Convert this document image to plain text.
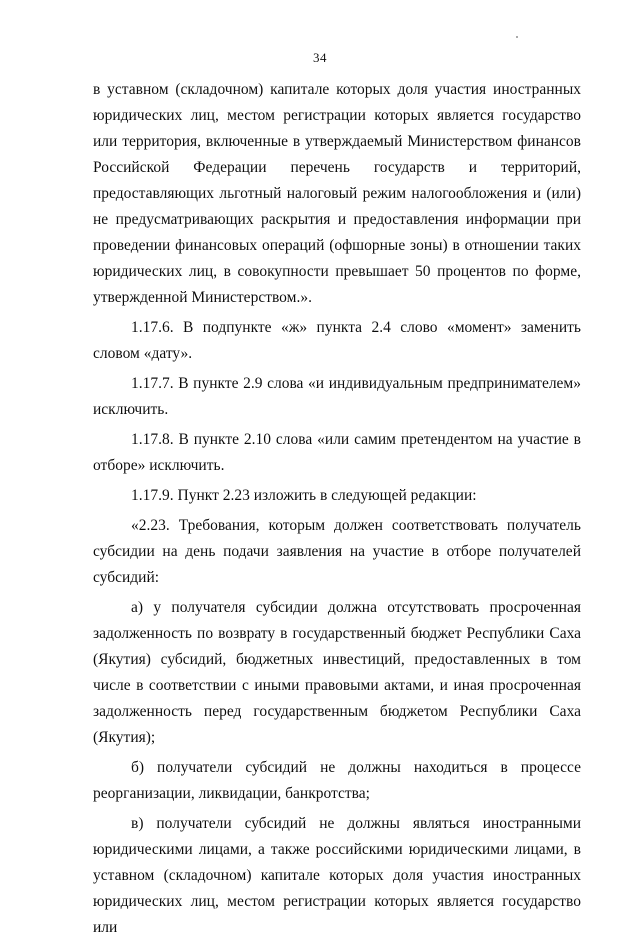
34

в уставном (складочном) капитале которых доля участия иностранных юридических лиц, местом регистрации которых является государство или территория, включенные в утверждаемый Министерством финансов Российской Федерации перечень государств и территорий, предоставляющих льготный налоговый режим налогообложения и (или) не предусматривающих раскрытия и предоставления информации при проведении финансовых операций (офшорные зоны) в отношении таких юридических лиц, в совокупности превышает 50 процентов по форме, утвержденной Министерством.».

1.17.6. В подпункте «ж» пункта 2.4 слово «момент» заменить словом «дату».

1.17.7. В пункте 2.9 слова «и индивидуальным предпринимателем» исключить.

1.17.8. В пункте 2.10 слова «или самим претендентом на участие в отборе» исключить.

1.17.9. Пункт 2.23 изложить в следующей редакции:

«2.23. Требования, которым должен соответствовать получатель субсидии на день подачи заявления на участие в отборе получателей субсидий:

а) у получателя субсидии должна отсутствовать просроченная задолженность по возврату в государственный бюджет Республики Саха (Якутия) субсидий, бюджетных инвестиций, предоставленных в том числе в соответствии с иными правовыми актами, и иная просроченная задолженность перед государственным бюджетом Республики Саха (Якутия);

б) получатели субсидий не должны находиться в процессе реорганизации, ликвидации, банкротства;

в) получатели субсидий не должны являться иностранными юридическими лицами, а также российскими юридическими лицами, в уставном (складочном) капитале которых доля участия иностранных юридических лиц, местом регистрации которых является государство или
